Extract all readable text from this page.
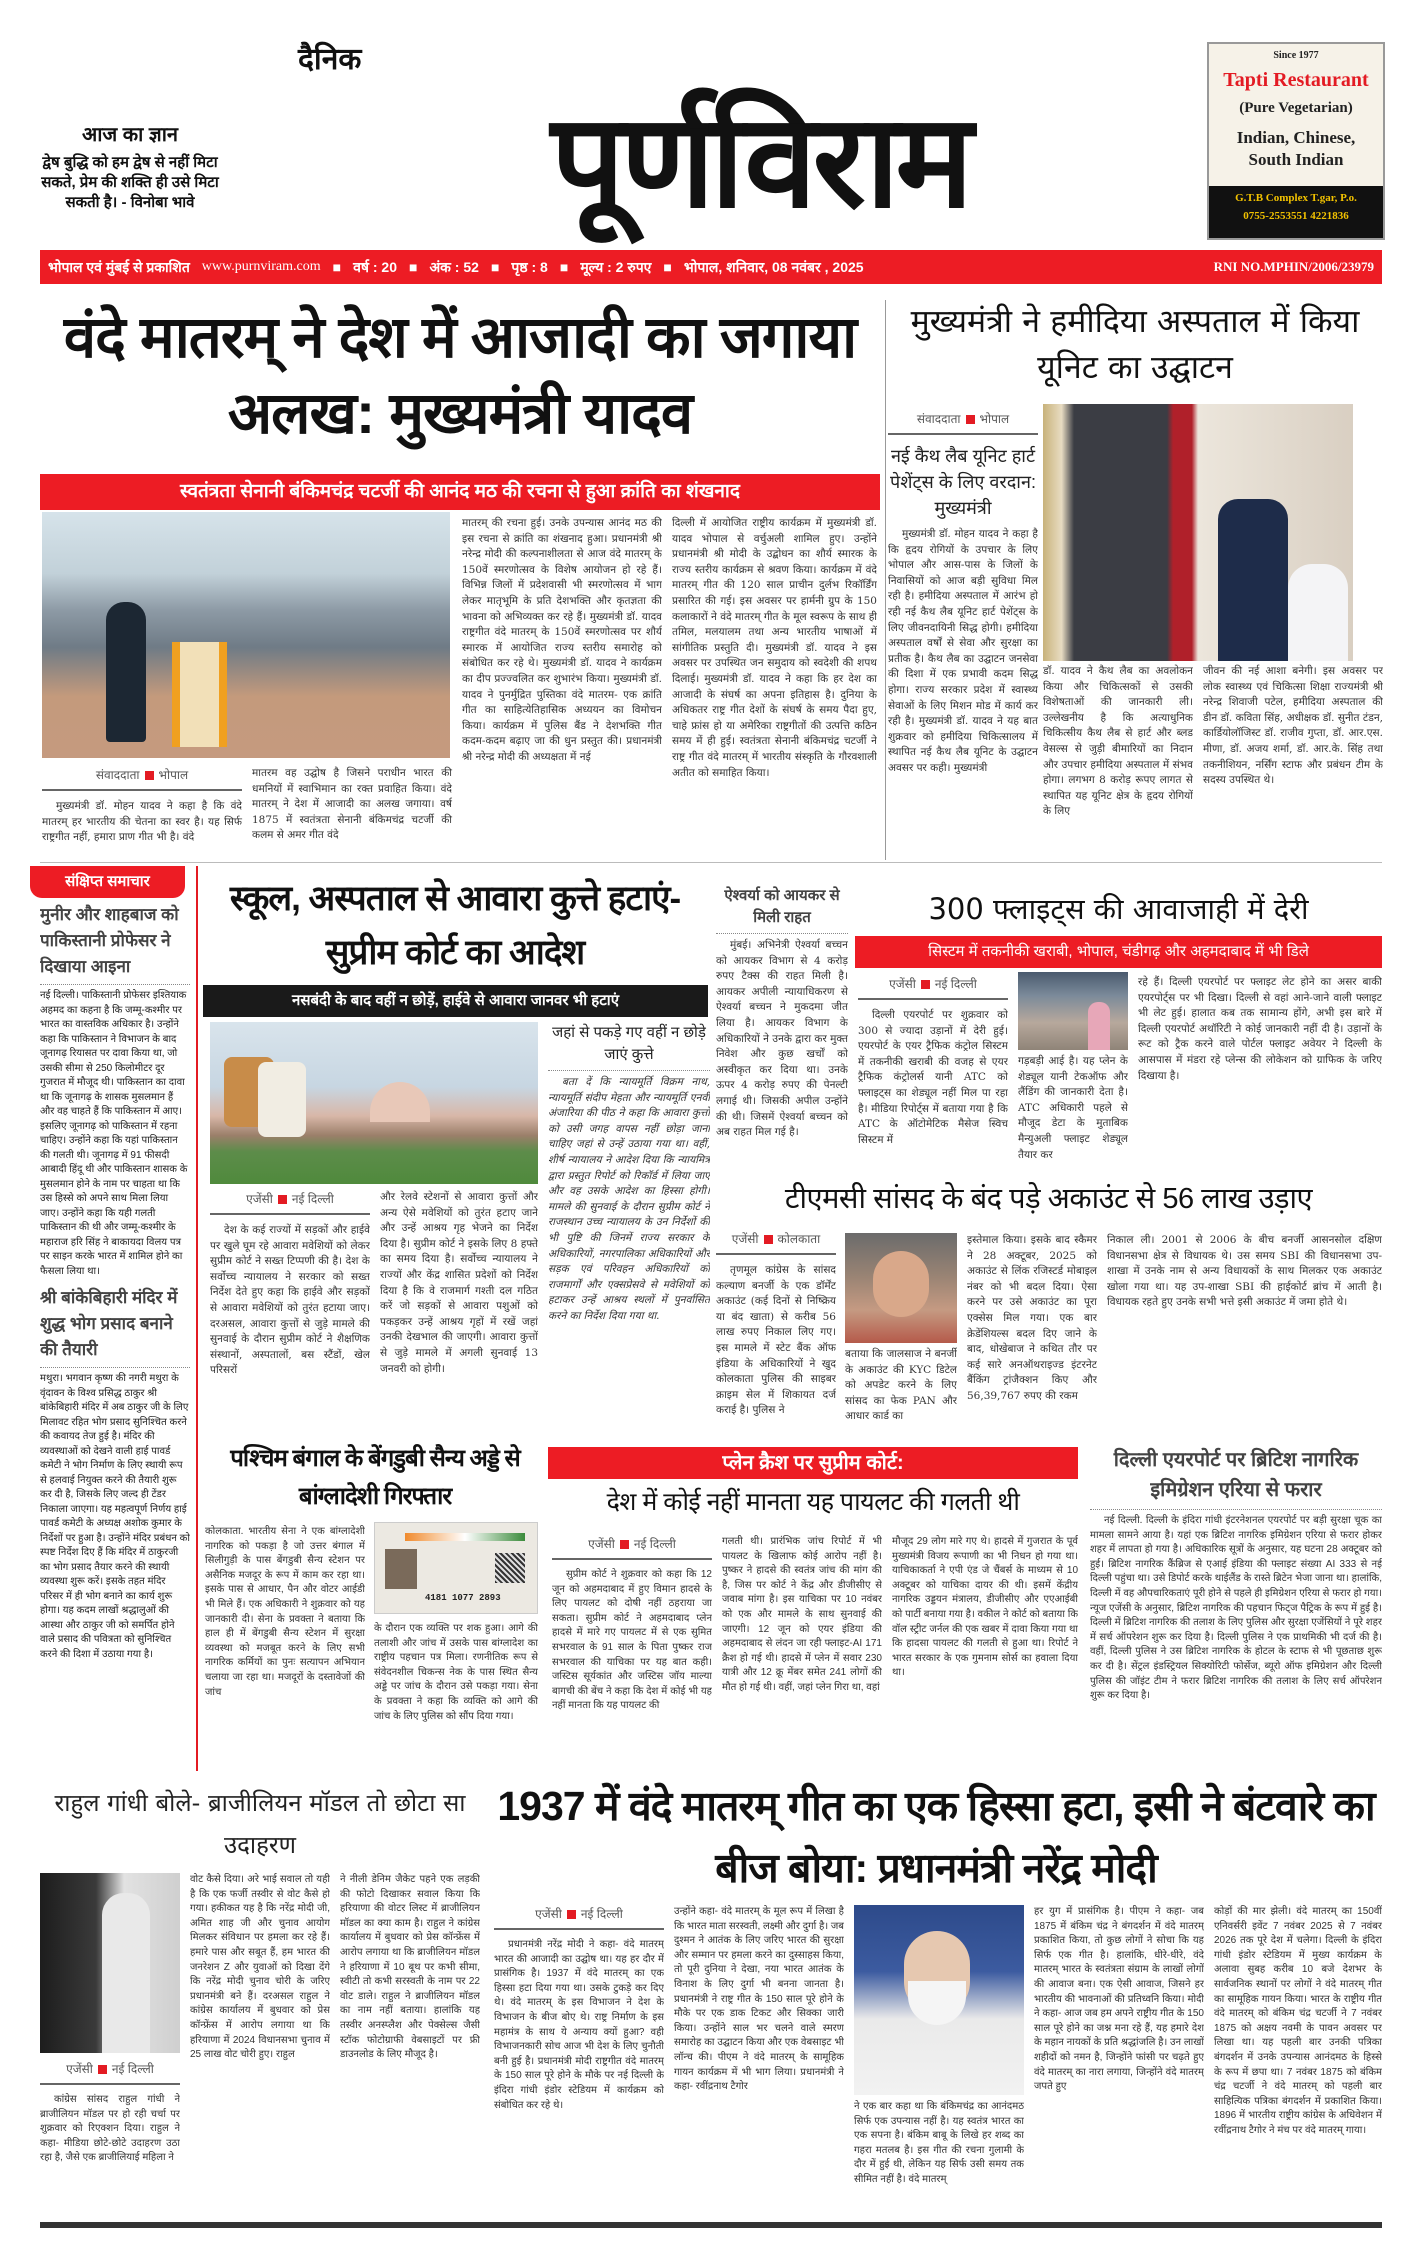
आज का ज्ञान
द्वेष बुद्धि को हम द्वेष से नहीं मिटा सकते, प्रेम की शक्ति ही उसे मिटा सकती है। - विनोबा भावे
दैनिक
पूर्णविराम
Since 1977
Tapti Restaurant
(Pure Vegetarian)
Indian, Chinese, South Indian
G.T.B Complex T.gar, P.o.
0755-2553551 4221836
भोपाल एवं मुंबई से प्रकाशित www.purnviram.com ■ वर्ष : 20 ■ अंक : 52 ■ पृष्ठ : 8 ■ मूल्य : 2 रुपए ■ भोपाल, शनिवार, 08 नवंबर , 2025	RNI NO.MPHIN/2006/23979
वंदे मातरम् ने देश में आजादी का जगाया अलख: मुख्यमंत्री यादव
स्वतंत्रता सेनानी बंकिमचंद्र चटर्जी की आनंद मठ की रचना से हुआ क्रांति का शंखनाद
संवाददाता भोपाल

मुख्यमंत्री डॉ. मोहन यादव ने कहा है कि वंदे मातरम् हर भारतीय की चेतना का स्वर है। यह सिर्फ राष्ट्रगीत नहीं, हमारा प्राण गीत भी है। वंदे

मातरम वह उद्घोष है जिसने पराधीन भारत की धमनियों में स्वाभिमान का रक्त प्रवाहित किया। वंदे मातरम् ने देश में आजादी का अलख जगाया। वर्ष 1875 में स्वतंत्रता सेनानी बंकिमचंद्र चटर्जी की कलम से अमर गीत वंदे

मातरम् की रचना हुई। उनके उपन्यास आनंद मठ की इस रचना से क्रांति का शंखनाद हुआ। प्रधानमंत्री श्री नरेन्द्र मोदी की कल्पनाशीलता से आज वंदे मातरम् के 150वें स्मरणोत्सव के विशेष आयोजन हो रहे हैं। विभिन्न जिलों में प्रदेशवासी भी स्मरणोत्सव में भाग लेकर मातृभूमि के प्रति देशभक्ति और कृतज्ञता की भावना को अभिव्यक्त कर रहे हैं। मुख्यमंत्री डॉ. यादव राष्ट्रगीत वंदे मातरम् के 150वें स्मरणोत्सव पर शौर्य स्मारक में आयोजित राज्य स्तरीय समारोह को संबोधित कर रहे थे। मुख्यमंत्री डॉ. यादव ने कार्यक्रम का दीप प्रज्ज्वलित कर शुभारंभ किया। मुख्यमंत्री डॉ. यादव ने पुनर्मुद्रित पुस्तिका वंदे मातरम- एक क्रांति गीत का साहित्येतिहासिक अध्ययन का विमोचन किया। कार्यक्रम में पुलिस बैंड ने देशभक्ति गीत कदम-कदम बढ़ाए जा की धुन प्रस्तुत की। प्रधानमंत्री श्री नरेन्द्र मोदी की अध्यक्षता में नई

दिल्ली में आयोजित राष्ट्रीय कार्यक्रम में मुख्यमंत्री डॉ. यादव भोपाल से वर्चुअली शामिल हुए। उन्होंने प्रधानमंत्री श्री मोदी के उद्बोधन का शौर्य स्मारक के राज्य स्तरीय कार्यक्रम से श्रवण किया। कार्यक्रम में वंदे मातरम् गीत की 120 साल प्राचीन दुर्लभ रिकॉर्डिंग प्रसारित की गई। इस अवसर पर हार्मनी ग्रुप के 150 कलाकारों ने वंदे मातरम् गीत के मूल स्वरूप के साथ ही तमिल, मलयालम तथा अन्य भारतीय भाषाओं में सांगीतिक प्रस्तुति दी। मुख्यमंत्री डॉ. यादव ने इस अवसर पर उपस्थित जन समुदाय को स्वदेशी की शपथ दिलाई। मुख्यमंत्री डॉ. यादव ने कहा कि हर देश का आजादी के संघर्ष का अपना इतिहास है। दुनिया के अधिकतर राष्ट्र गीत देशों के संघर्ष के समय पैदा हुए, चाहे फ्रांस हो या अमेरिका राष्ट्रगीतों की उत्पत्ति कठिन समय में ही हुई। स्वतंत्रता सेनानी बंकिमचंद्र चटर्जी ने राष्ट्र गीत वंदे मातरम् में भारतीय संस्कृति के गौरवशाली अतीत को समाहित किया।

मुख्यमंत्री ने हमीदिया अस्पताल में किया यूनिट का उद्घाटन
संवाददाता भोपाल
नई कैथ लैब यूनिट हार्ट पेशेंट्स के लिए वरदान: मुख्यमंत्री

मुख्यमंत्री डॉ. मोहन यादव ने कहा है कि हृदय रोगियों के उपचार के लिए भोपाल और आस-पास के जिलों के निवासियों को आज बड़ी सुविधा मिल रही है। हमीदिया अस्पताल में आरंभ हो रही नई कैथ लैब यूनिट हार्ट पेशेंट्स के लिए जीवनदायिनी सिद्ध होगी। हमीदिया अस्पताल वर्षों से सेवा और सुरक्षा का प्रतीक है। कैथ लैब का उद्घाटन जनसेवा की दिशा में एक प्रभावी कदम सिद्ध होगा। राज्य सरकार प्रदेश में स्वास्थ्य सेवाओं के लिए मिशन मोड में कार्य कर रही है। मुख्यमंत्री डॉ. यादव ने यह बात शुक्रवार को हमीदिया चिकित्सालय में स्थापित नई कैथ लैब यूनिट के उद्घाटन अवसर पर कही। मुख्यमंत्री

डॉ. यादव ने कैथ लैब का अवलोकन किया और चिकित्सकों से उसकी विशेषताओं की जानकारी ली। उल्लेखनीय है कि अत्याधुनिक चिकित्सीय कैथ लैब से हार्ट और ब्लड वेसल्स से जुड़ी बीमारियों का निदान और उपचार हमीदिया अस्पताल में संभव होगा। लगभग 8 करोड़ रूपए लागत से स्थापित यह यूनिट क्षेत्र के हृदय रोगियों के लिए

जीवन की नई आशा बनेगी। इस अवसर पर लोक स्वास्थ्य एवं चिकित्सा शिक्षा राज्यमंत्री श्री नरेन्द्र शिवाजी पटेल, हमीदिया अस्पताल की डीन डॉ. कविता सिंह, अधीक्षक डॉ. सुनीत टंडन, कार्डियोलॉजिस्ट डॉ. राजीव गुप्ता, डॉ. आर.एस. मीणा, डॉ. अजय शर्मा, डॉ. आर.के. सिंह तथा तकनीशियन, नर्सिंग स्टाफ और प्रबंधन टीम के सदस्य उपस्थित थे।

संक्षिप्त समाचार
मुनीर और शाहबाज को पाकिस्तानी प्रोफेसर ने दिखाया आइना
नई दिल्ली। पाकिस्तानी प्रोफेसर इश्तियाक अहमद का कहना है कि जम्मू-कश्मीर पर भारत का वास्तविक अधिकार है। उन्होंने कहा कि पाकिस्तान ने विभाजन के बाद जूनागढ़ रियासत पर दावा किया था, जो उसकी सीमा से 250 किलोमीटर दूर गुजरात में मौजूद थी। पाकिस्तान का दावा था कि जूनागढ़ के शासक मुसलमान हैं और वह चाहते हैं कि पाकिस्तान में आए। इसलिए जूनागढ़ को पाकिस्तान में रहना चाहिए। उन्होंने कहा कि यहां पाकिस्तान की गलती थी। जूनागढ़ में 91 फीसदी आबादी हिंदू थी और पाकिस्तान शासक के मुसलमान होने के नाम पर चाहता था कि उस हिस्से को अपने साथ मिला लिया जाए। उन्होंने कहा कि यही गलती पाकिस्तान की थी और जम्मू-कश्मीर के महाराज हरि सिंह ने बाकायदा विलय पत्र पर साइन करके भारत में शामिल होने का फैसला लिया था।
श्री बांकेबिहारी मंदिर में शुद्ध भोग प्रसाद बनाने की तैयारी
मथुरा। भगवान कृष्ण की नगरी मथुरा के वृंदावन के विश्व प्रसिद्ध ठाकुर श्री बांकेबिहारी मंदिर में अब ठाकुर जी के लिए मिलावट रहित भोग प्रसाद सुनिश्चित करने की कवायद तेज हुई है। मंदिर की व्यवस्थाओं को देखने वाली हाई पावर्ड कमेटी ने भोग निर्माण के लिए स्थायी रूप से हलवाई नियुक्त करने की तैयारी शुरू कर दी है, जिसके लिए जल्द ही टेंडर निकाला जाएगा। यह महत्वपूर्ण निर्णय हाई पावर्ड कमेटी के अध्यक्ष अशोक कुमार के निर्देशों पर हुआ है। उन्होंने मंदिर प्रबंधन को स्पष्ट निर्देश दिए हैं कि मंदिर में ठाकुरजी का भोग प्रसाद तैयार करने की स्थायी व्यवस्था शुरू करें। इसके तहत मंदिर परिसर में ही भोग बनाने का कार्य शुरू होगा। यह कदम लाखों श्रद्धालुओं की आस्था और ठाकुर जी को समर्पित होने वाले प्रसाद की पवित्रता को सुनिश्चित करने की दिशा में उठाया गया है।
स्कूल, अस्पताल से आवारा कुत्ते हटाएं- सुप्रीम कोर्ट का आदेश
नसबंदी के बाद वहीं न छोड़ें, हाईवे से आवारा जानवर भी हटाएं
जहां से पकड़े गए वहीं न छोड़े जाएं कुत्ते

बता दें कि न्यायमूर्ति विक्रम नाथ, न्यायमूर्ति संदीप मेहता और न्यायमूर्ति एनवी अंजारिया की पीठ ने कहा कि आवारा कुत्तों को उसी जगह वापस नहीं छोड़ा जाना चाहिए जहां से उन्हें उठाया गया था। वहीं, शीर्ष न्यायालय ने आदेश दिया कि न्यायमित्र द्वारा प्रस्तुत रिपोर्ट को रिकॉर्ड में लिया जाए और वह उसके आदेश का हिस्सा होगी। मामले की सुनवाई के दौरान सुप्रीम कोर्ट ने राजस्थान उच्च न्यायालय के उन निर्देशों की भी पुष्टि की जिनमें राज्य सरकार के अधिकारियों, नगरपालिका अधिकारियों और सड़क एवं परिवहन अधिकारियों को राजमार्गों और एक्सप्रेसवे से मवेशियों को हटाकर उन्हें आश्रय स्थलों में पुनर्वासित करने का निर्देश दिया गया था.

एजेंसी नई दिल्ली

देश के कई राज्यों में सड़कों और हाईवे पर खुले घूम रहे आवारा मवेशियों को लेकर सुप्रीम कोर्ट ने सख्त टिप्पणी की है। देश के सर्वोच्च न्यायालय ने सरकार को सख्त निर्देश देते हुए कहा कि हाईवे और सड़कों से आवारा मवेशियों को तुरंत हटाया जाए। दरअसल, आवारा कुत्तों से जुड़े मामले की सुनवाई के दौरान सुप्रीम कोर्ट ने शैक्षणिक संस्थानों, अस्पतालों, बस स्टैंडों, खेल परिसरों

और रेलवे स्टेशनों से आवारा कुत्तों और अन्य ऐसे मवेशियों को तुरंत हटाए जाने और उन्हें आश्रय गृह भेजने का निर्देश दिया है। सुप्रीम कोर्ट ने इसके लिए 8 हफ्ते का समय दिया है। सर्वोच्च न्यायालय ने राज्यों और केंद्र शासित प्रदेशों को निर्देश दिया है कि वे राजमार्ग गश्ती दल गठित करें जो सड़कों से आवारा पशुओं को पकड़कर उन्हें आश्रय गृहों में रखें जहां उनकी देखभाल की जाएगी। आवारा कुत्तों से जुड़े मामले में अगली सुनवाई 13 जनवरी को होगी।

ऐश्वर्या को आयकर से मिली राहत

मुंबई। अभिनेत्री ऐश्वर्या बच्चन को आयकर विभाग से 4 करोड़ रुपए टैक्स की राहत मिली है। आयकर अपीली न्यायाधिकरण से ऐश्वर्या बच्चन ने मुकदमा जीत लिया है। आयकर विभाग के अधिकारियों ने उनके द्वारा कर मुक्त निवेश और कुछ खर्चों को अस्वीकृत कर दिया था। उनके ऊपर 4 करोड़ रुपए की पेनल्टी लगाई थी। जिसकी अपील उन्होंने की थी। जिसमें ऐश्वर्या बच्चन को अब राहत मिल गई है।

300 फ्लाइट्स की आवाजाही में देरी
सिस्टम में तकनीकी खराबी, भोपाल, चंडीगढ़ और अहमदाबाद में भी डिले
एजेंसी नई दिल्ली

दिल्ली एयरपोर्ट पर शुक्रवार को 300 से ज्यादा उड़ानों में देरी हुई। एयरपोर्ट के एयर ट्रैफिक कंट्रोल सिस्टम में तकनीकी खराबी की वजह से एयर ट्रैफिक कंट्रोलर्स यानी ATC को फ्लाइट्स का शेड्यूल नहीं मिल पा रहा है। मीडिया रिपोर्ट्स में बताया गया है कि ATC के ऑटोमेटिक मैसेज स्विच सिस्टम में

गड़बड़ी आई है। यह प्लेन के शेड्यूल यानी टेकऑफ और लैंडिंग की जानकारी देता है। ATC अधिकारी पहले से मौजूद डेटा के मुताबिक मैन्युअली फ्लाइट शेड्यूल तैयार कर

रहे हैं। दिल्ली एयरपोर्ट पर फ्लाइट लेट होने का असर बाकी एयरपोर्ट्स पर भी दिखा। दिल्ली से वहां आने-जाने वाली फ्लाइट भी लेट हुई। हालात कब तक सामान्य होंगे, अभी इस बारे में दिल्ली एयरपोर्ट अथॉरिटी ने कोई जानकारी नहीं दी है। उड़ानों के रूट को ट्रैक करने वाले पोर्टल फ्लाइट अवेयर ने दिल्ली के आसपास में मंडरा रहे प्लेन्स की लोकेशन को ग्राफिक के जरिए दिखाया है।

टीएमसी सांसद के बंद पड़े अकाउंट से 56 लाख उड़ाए
एजेंसी कोलकाता

तृणमूल कांग्रेस के सांसद कल्याण बनर्जी के एक डॉर्मेंट अकाउंट (कई दिनों से निष्क्रिय या बंद खाता) से करीब 56 लाख रुपए निकाल लिए गए। इस मामले में स्टेट बैंक ऑफ इंडिया के अधिकारियों ने खुद कोलकाता पुलिस की साइबर क्राइम सेल में शिकायत दर्ज कराई है। पुलिस ने

बताया कि जालसाज ने बनर्जी के अकाउंट की KYC डिटेल को अपडेट करने के लिए सांसद का फेक PAN और आधार कार्ड का

इस्तेमाल किया। इसके बाद स्कैमर ने 28 अक्टूबर, 2025 को अकाउंट से लिंक रजिस्टर्ड मोबाइल नंबर को भी बदल दिया। ऐसा करने पर उसे अकाउंट का पूरा एक्सेस मिल गया। एक बार क्रेडेंशियल्स बदल दिए जाने के बाद, धोखेबाज ने कथित तौर पर कई सारे अनऑथराइज्ड इंटरनेट बैंकिंग ट्रांजैक्शन किए और 56,39,767 रुपए की रकम

निकाल ली। 2001 से 2006 के बीच बनर्जी आसनसोल दक्षिण विधानसभा क्षेत्र से विधायक थे। उस समय SBI की विधानसभा उप-शाखा में उनके नाम से अन्य विधायकों के साथ मिलकर एक अकाउंट खोला गया था। यह उप-शाखा SBI की हाईकोर्ट ब्रांच में आती है। विधायक रहते हुए उनके सभी भत्ते इसी अकाउंट में जमा होते थे।

पश्चिम बंगाल के बेंगडुबी सैन्य अड्डे से बांग्लादेशी गिरफ्तार

कोलकाता. भारतीय सेना ने एक बांग्लादेशी नागरिक को पकड़ा है जो उत्तर बंगाल में सिलीगुड़ी के पास बेंगडुबी सैन्य स्टेशन पर असैनिक मजदूर के रूप में काम कर रहा था। इसके पास से आधार, पैन और वोटर आईडी भी मिले हैं। एक अधिकारी ने शुक्रवार को यह जानकारी दी। सेना के प्रवक्ता ने बताया कि हाल ही में बेंगडुबी सैन्य स्टेशन में सुरक्षा व्यवस्था को मजबूत करने के लिए सभी नागरिक कर्मियों का पुनः सत्यापन अभियान चलाया जा रहा था। मजदूरों के दस्तावेजों की जांच

4181 1077 2893

के दौरान एक व्यक्ति पर शक हुआ। आगे की तलाशी और जांच में उसके पास बांग्लादेश का राष्ट्रीय पहचान पत्र मिला। रणनीतिक रूप से संवेदनशील चिकन्स नेक के पास स्थित सैन्य अड्डे पर जांच के दौरान उसे पकड़ा गया। सेना के प्रवक्ता ने कहा कि व्यक्ति को आगे की जांच के लिए पुलिस को सौंप दिया गया।

प्लेन क्रैश पर सुप्रीम कोर्ट:
देश में कोई नहीं मानता यह पायलट की गलती थी
एजेंसी नई दिल्ली

सुप्रीम कोर्ट ने शुक्रवार को कहा कि 12 जून को अहमदाबाद में हुए विमान हादसे के लिए पायलट को दोषी नहीं ठहराया जा सकता। सुप्रीम कोर्ट ने अहमदाबाद प्लेन हादसे में मारे गए पायलट में से एक सुमित सभरवाल के 91 साल के पिता पुष्कर राज सभरवाल की याचिका पर यह बात कही। जस्टिस सूर्यकांत और जस्टिस जॉय माल्या बागची की बेंच ने कहा कि देश में कोई भी यह नहीं मानता कि यह पायलट की

गलती थी। प्रारंभिक जांच रिपोर्ट में भी पायलट के खिलाफ कोई आरोप नहीं है। पुष्कर ने हादसे की स्वतंत्र जांच की मांग की है, जिस पर कोर्ट ने केंद्र और डीजीसीए से जवाब मांगा है। इस याचिका पर 10 नवंबर को एक और मामले के साथ सुनवाई की जाएगी। 12 जून को एयर इंडिया की अहमदाबाद से लंदन जा रही फ्लाइट-AI 171 क्रैश हो गई थी। हादसे में प्लेन में सवार 230 यात्री और 12 क्रू मेंबर समेत 241 लोगों की मौत हो गई थी। वहीं, जहां प्लेन गिरा था, वहां

मौजूद 29 लोग मारे गए थे। हादसे में गुजरात के पूर्व मुख्यमंत्री विजय रूपाणी का भी निधन हो गया था। याचिकाकर्ता ने एपी एंड जे चैंबर्स के माध्यम से 10 अक्टूबर को याचिका दायर की थी। इसमें केंद्रीय नागरिक उड्डयन मंत्रालय, डीजीसीए और एएआईबी को पार्टी बनाया गया है। वकील ने कोर्ट को बताया कि वॉल स्ट्रीट जर्नल की एक खबर में दावा किया गया था कि हादसा पायलट की गलती से हुआ था। रिपोर्ट ने भारत सरकार के एक गुमनाम सोर्स का हवाला दिया था।

दिल्ली एयरपोर्ट पर ब्रिटिश नागरिक इमिग्रेशन एरिया से फरार

नई दिल्ली. दिल्ली के इंदिरा गांधी इंटरनेशनल एयरपोर्ट पर बड़ी सुरक्षा चूक का मामला सामने आया है। यहां एक ब्रिटिश नागरिक इमिग्रेशन एरिया से फरार होकर शहर में लापता हो गया है। अधिकारिक सूत्रों के अनुसार, यह घटना 28 अक्टूबर को हुई। ब्रिटिश नागरिक कैंब्रिज से एआई इंडिया की फ्लाइट संख्या AI 333 से नई दिल्ली पहुंचा था। उसे डिपोर्ट करके थाईलैंड के रास्ते ब्रिटेन भेजा जाना था। हालांकि, दिल्ली में वह औपचारिकताएं पूरी होने से पहले ही इमिग्रेशन एरिया से फरार हो गया। न्यूज एजेंसी के अनुसार, ब्रिटिश नागरिक की पहचान फिट्ज पैट्रिक के रूप में हुई है। दिल्ली में ब्रिटिश नागरिक की तलाश के लिए पुलिस और सुरक्षा एजेंसियों ने पूरे शहर में सर्च ऑपरेशन शुरू कर दिया है। दिल्ली पुलिस ने एक प्राथमिकी भी दर्ज की है। वहीं, दिल्ली पुलिस ने उस ब्रिटिश नागरिक के होटल के स्टाफ से भी पूछताछ शुरू कर दी है। सेंट्रल इंडस्ट्रियल सिक्योरिटी फोर्सेज, ब्यूरो ऑफ इमिग्रेशन और दिल्ली पुलिस की जॉइंट टीम ने फरार ब्रिटिश नागरिक की तलाश के लिए सर्च ऑपरेशन शुरू कर दिया है।

राहुल गांधी बोले- ब्राजीलियन मॉडल तो छोटा सा उदाहरण
एजेंसी नई दिल्ली

कांग्रेस सांसद राहुल गांधी ने ब्राजीलियन मॉडल पर हो रही चर्चा पर शुक्रवार को रिएक्शन दिया। राहुल ने कहा- मीडिया छोटे-छोटे उदाहरण उठा रहा है, जैसे एक ब्राजीलियाई महिला ने

वोट कैसे दिया। अरे भाई सवाल तो यही है कि एक फर्जी तस्वीर से वोट कैसे हो गया। हकीकत यह है कि नरेंद्र मोदी जी, अमित शाह जी और चुनाव आयोग मिलकर संविधान पर हमला कर रहे हैं। हमारे पास और सबूत हैं, हम भारत की जनरेशन Z और युवाओं को दिखा देंगे कि नरेंद्र मोदी चुनाव चोरी के जरिए प्रधानमंत्री बने हैं। दरअसल राहुल ने कांग्रेस कार्यालय में बुधवार को प्रेस कॉन्फ्रेंस में आरोप लगाया था कि हरियाणा में 2024 विधानसभा चुनाव में 25 लाख वोट चोरी हुए। राहुल

ने नीली डेनिम जैकेट पहने एक लड़की की फोटो दिखाकर सवाल किया कि हरियाणा की वोटर लिस्ट में ब्राजीलियन मॉडल का क्या काम है। राहुल ने कांग्रेस कार्यालय में बुधवार को प्रेस कॉन्फ्रेंस में आरोप लगाया था कि ब्राजीलियन मॉडल ने हरियाणा में 10 बूथ पर कभी सीमा, स्वीटी तो कभी सरस्वती के नाम पर 22 वोट डाले। राहुल ने ब्राजीलियन मॉडल का नाम नहीं बताया। हालांकि यह तस्वीर अनस्प्लैश और पेक्सेल्स जैसी स्टॉक फोटोग्राफी वेबसाइटों पर फ्री डाउनलोड के लिए मौजूद है।

1937 में वंदे मातरम् गीत का एक हिस्सा हटा, इसी ने बंटवारे का बीज बोया: प्रधानमंत्री नरेंद्र मोदी
एजेंसी नई दिल्ली

प्रधानमंत्री नरेंद्र मोदी ने कहा- वंदे मातरम् भारत की आजादी का उद्घोष था। यह हर दौर में प्रासंगिक है। 1937 में वंदे मातरम् का एक हिस्सा हटा दिया गया था। उसके टुकड़े कर दिए थे। वंदे मातरम् के इस विभाजन ने देश के विभाजन के बीज बोए थे। राष्ट्र निर्माण के इस महामंत्र के साथ ये अन्याय क्यों हुआ? वही विभाजनकारी सोच आज भी देश के लिए चुनौती बनी हुई है। प्रधानमंत्री मोदी राष्ट्रगीत वंदे मातरम् के 150 साल पूरे होने के मौके पर नई दिल्ली के इंदिरा गांधी इंडोर स्टेडियम में कार्यक्रम को संबोधित कर रहे थे।

उन्होंने कहा- वंदे मातरम् के मूल रूप में लिखा है कि भारत माता सरस्वती, लक्ष्मी और दुर्गा है। जब दुश्मन ने आतंक के लिए जरिए भारत की सुरक्षा और सम्मान पर हमला करने का दुस्साहस किया, तो पूरी दुनिया ने देखा, नया भारत आतंक के विनाश के लिए दुर्गा भी बनना जानता है। प्रधानमंत्री ने राष्ट्र गीत के 150 साल पूरे होने के मौके पर एक डाक टिकट और सिक्का जारी किया। उन्होंने साल भर चलने वाले स्मरण समारोह का उद्घाटन किया और एक वेबसाइट भी लॉन्च की। पीएम ने वंदे मातरम् के सामूहिक गायन कार्यक्रम में भी भाग लिया। प्रधानमंत्री ने कहा- रवींद्रनाथ टैगोर

ने एक बार कहा था कि बंकिमचंद्र का आनंदमठ सिर्फ एक उपन्यास नहीं है। यह स्वतंत्र भारत का एक सपना है। बंकिम बाबू के लिखे हर शब्द का गहरा मतलब है। इस गीत की रचना गुलामी के दौर में हुई थी, लेकिन यह सिर्फ उसी समय तक सीमित नहीं है। वंदे मातरम्

हर युग में प्रासंगिक है। पीएम ने कहा- जब 1875 में बंकिम चंद्र ने बंगदर्शन में वंदे मातरम् प्रकाशित किया, तो कुछ लोगों ने सोचा कि यह सिर्फ एक गीत है। हालांकि, धीरे-धीरे, वंदे मातरम् भारत के स्वतंत्रता संग्राम के लाखों लोगों की आवाज बना। एक ऐसी आवाज, जिसने हर भारतीय की भावनाओं की प्रतिध्वनि किया। मोदी ने कहा- आज जब हम अपने राष्ट्रीय गीत के 150 साल पूरे होने का जश्न मना रहे हैं, यह हमारे देश के महान नायकों के प्रति श्रद्धांजलि है। उन लाखों शहीदों को नमन है, जिन्होंने फांसी पर चढ़ते हुए वंदे मातरम् का नारा लगाया, जिन्होंने वंदे मातरम् जपते हुए

कोड़ों की मार झेली। वंदे मातरम् का 150वीं एनिवर्सरी इवेंट 7 नवंबर 2025 से 7 नवंबर 2026 तक पूरे देश में चलेगा। दिल्ली के इंदिरा गांधी इंडोर स्टेडियम में मुख्य कार्यक्रम के अलावा सुबह करीब 10 बजे देशभर के सार्वजनिक स्थानों पर लोगों ने वंदे मातरम् गीत का सामूहिक गायन किया। भारत के राष्ट्रीय गीत वंदे मातरम् को बंकिम चंद्र चटर्जी ने 7 नवंबर 1875 को अक्षय नवमी के पावन अवसर पर लिखा था। यह पहली बार उनकी पत्रिका बंगदर्शन में उनके उपन्यास आनंदमठ के हिस्से के रूप में छपा था। 7 नवंबर 1875 को बंकिम चंद्र चटर्जी ने वंदे मातरम् को पहली बार साहित्यिक पत्रिका बंगदर्शन में प्रकाशित किया। 1896 में भारतीय राष्ट्रीय कांग्रेस के अधिवेशन में रवींद्रनाथ टैगोर ने मंच पर वंदे मातरम् गाया।
